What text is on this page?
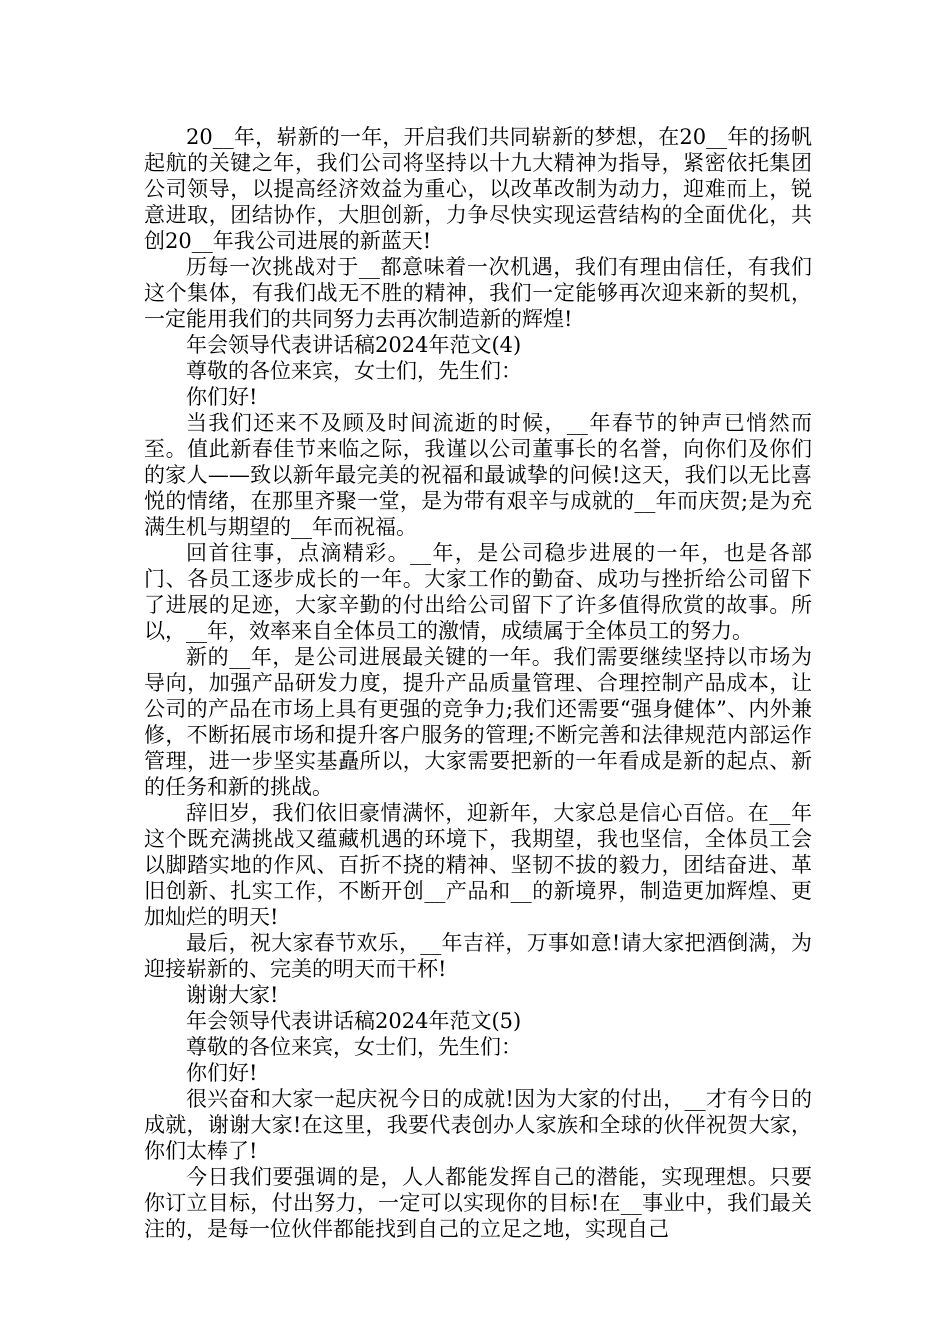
20__年，崭新的一年，开启我们共同崭新的梦想，在20__年的扬帆起航的关键之年，我们公司将坚持以十九大精神为指导，紧密依托集团公司领导，以提高经济效益为重心，以改革改制为动力，迎难而上，锐意进取，团结协作，大胆创新，力争尽快实现运营结构的全面优化，共创20__年我公司进展的新蓝天!

历每一次挑战对于__都意味着一次机遇，我们有理由信任，有我们这个集体，有我们战无不胜的精神，我们一定能够再次迎来新的契机，一定能用我们的共同努力去再次制造新的辉煌!

年会领导代表讲话稿2024年范文(4)

尊敬的各位来宾，女士们，先生们：

你们好!

当我们还来不及顾及时间流逝的时候，__年春节的钟声已悄然而至。值此新春佳节来临之际，我谨以公司董事长的名誉，向你们及你们的家人——致以新年最完美的祝福和最诚挚的问候!这天，我们以无比喜悦的情绪，在那里齐聚一堂，是为带有艰辛与成就的__年而庆贺;是为充满生机与期望的__年而祝福。

回首往事，点滴精彩。__年，是公司稳步进展的一年，也是各部门、各员工逐步成长的一年。大家工作的勤奋、成功与挫折给公司留下了进展的足迹，大家辛勤的付出给公司留下了许多值得欣赏的故事。所以，__年，效率来自全体员工的激情，成绩属于全体员工的努力。

新的__年，是公司进展最关键的一年。我们需要继续坚持以市场为导向，加强产品研发力度，提升产品质量管理、合理控制产品成本，让公司的产品在市场上具有更强的竞争力;我们还需要“强身健体”、内外兼修，不断拓展市场和提升客户服务的管理;不断完善和法律规范内部运作管理，进一步坚实基矗所以，大家需要把新的一年看成是新的起点、新的任务和新的挑战。

辞旧岁，我们依旧豪情满怀，迎新年，大家总是信心百倍。在__年这个既充满挑战又蕴藏机遇的环境下，我期望，我也坚信，全体员工会以脚踏实地的作风、百折不挠的精神、坚韧不拔的毅力，团结奋进、革旧创新、扎实工作，不断开创__产品和__的新境界，制造更加辉煌、更加灿烂的明天!

最后，祝大家春节欢乐，__年吉祥，万事如意!请大家把酒倒满，为迎接崭新的、完美的明天而干杯!

谢谢大家!

年会领导代表讲话稿2024年范文(5)

尊敬的各位来宾，女士们，先生们：

你们好!

很兴奋和大家一起庆祝今日的成就!因为大家的付出，__才有今日的成就，谢谢大家!在这里，我要代表创办人家族和全球的伙伴祝贺大家，你们太棒了!

今日我们要强调的是，人人都能发挥自己的潜能，实现理想。只要你订立目标，付出努力，一定可以实现你的目标!在__事业中，我们最关注的，是每一位伙伴都能找到自己的立足之地，实现自己
